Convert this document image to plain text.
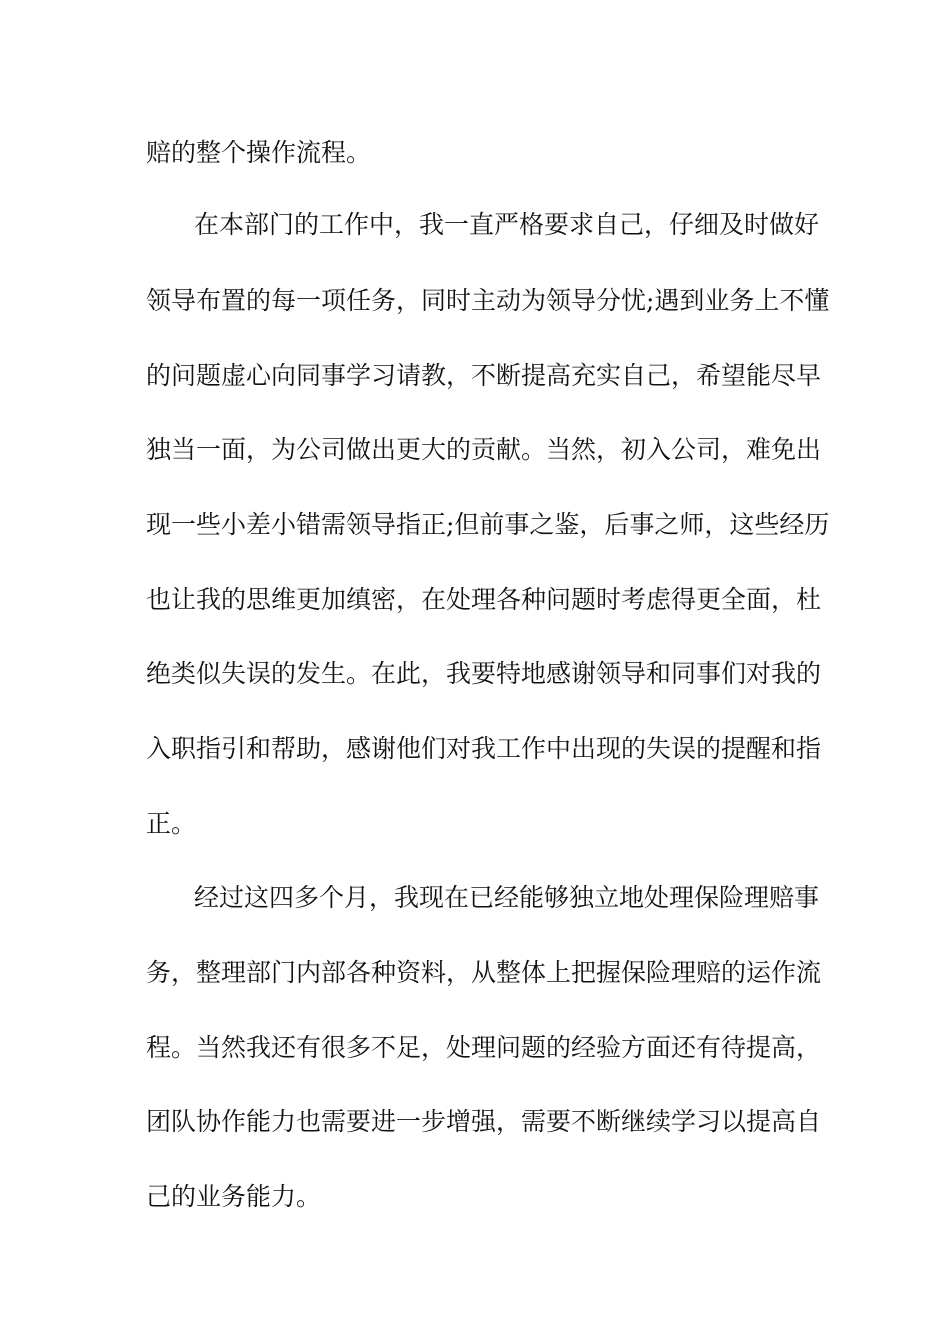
赔的整个操作流程。
在本部门的工作中，我一直严格要求自己，仔细及时做好
领导布置的每一项任务，同时主动为领导分忧;遇到业务上不懂
的问题虚心向同事学习请教，不断提高充实自己，希望能尽早
独当一面，为公司做出更大的贡献。当然，初入公司，难免出
现一些小差小错需领导指正;但前事之鉴，后事之师，这些经历
也让我的思维更加缜密，在处理各种问题时考虑得更全面，杜
绝类似失误的发生。在此，我要特地感谢领导和同事们对我的
入职指引和帮助，感谢他们对我工作中出现的失误的提醒和指
正。
经过这四多个月，我现在已经能够独立地处理保险理赔事
务，整理部门内部各种资料，从整体上把握保险理赔的运作流
程。当然我还有很多不足，处理问题的经验方面还有待提高，
团队协作能力也需要进一步增强，需要不断继续学习以提高自
己的业务能力。
